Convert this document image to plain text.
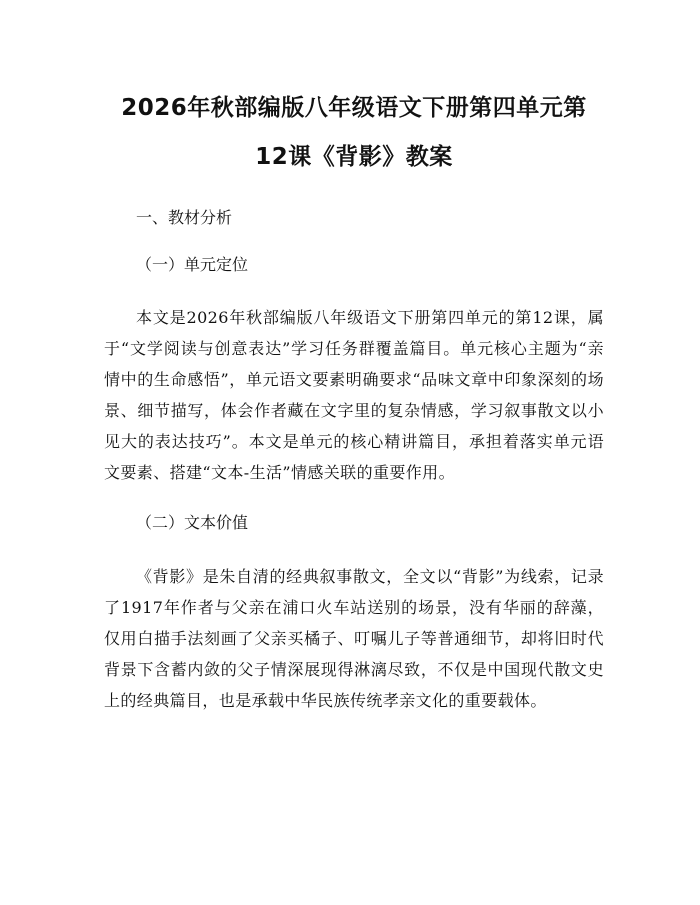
2026年秋部编版八年级语文下册第四单元第
12课《背影》教案
一、教材分析
（一）单元定位

本文是2026年秋部编版八年级语文下册第四单元的第12课，属于“文学阅读与创意表达”学习任务群覆盖篇目。单元核心主题为“亲情中的生命感悟”，单元语文要素明确要求“品味文章中印象深刻的场景、细节描写，体会作者藏在文字里的复杂情感，学习叙事散文以小见大的表达技巧”。本文是单元的核心精讲篇目，承担着落实单元语文要素、搭建“文本-生活”情感关联的重要作用。

（二）文本价值

《背影》是朱自清的经典叙事散文，全文以“背影”为线索，记录了1917年作者与父亲在浦口火车站送别的场景，没有华丽的辞藻，仅用白描手法刻画了父亲买橘子、叮嘱儿子等普通细节，却将旧时代背景下含蓄内敛的父子情深展现得淋漓尽致，不仅是中国现代散文史上的经典篇目，也是承载中华民族传统孝亲文化的重要载体。
